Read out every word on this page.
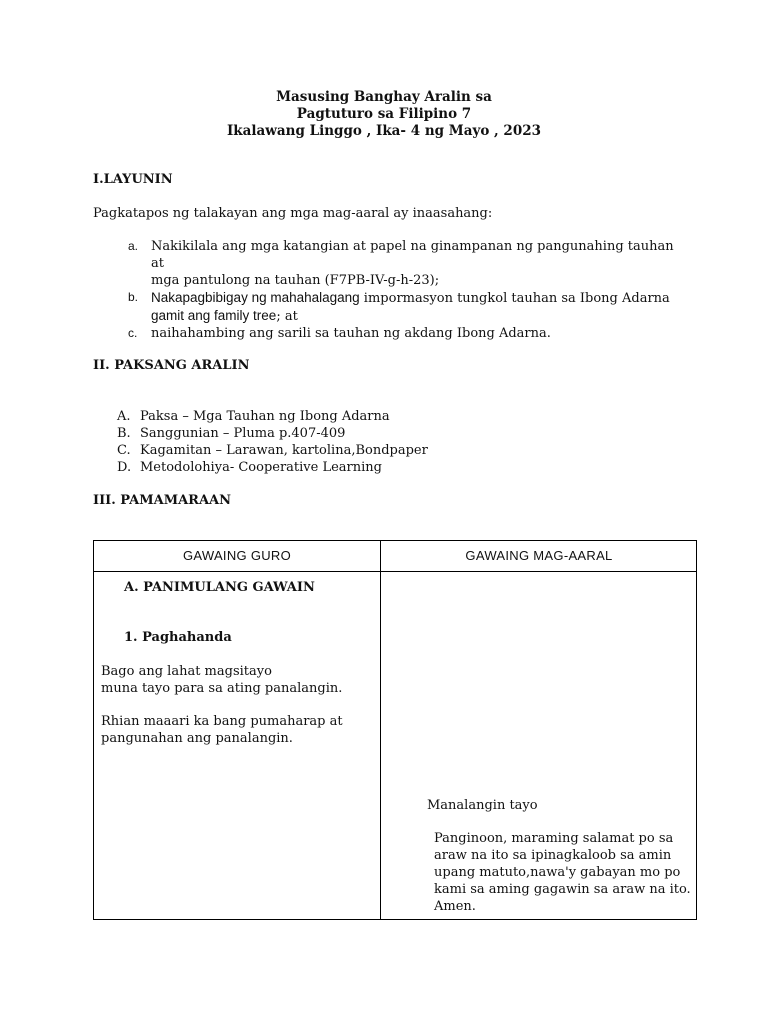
Masusing Banghay Aralin sa
Pagtuturo sa Filipino 7
Ikalawang Linggo , Ika- 4 ng Mayo , 2023
I.LAYUNIN
Pagkatapos ng talakayan ang mga mag-aaral ay inaasahang:
a. Nakikilala ang mga katangian at papel na ginampanan ng pangunahing tauhan at
mga pantulong na tauhan (F7PB-IV-g-h-23);
b. Nakapagbibigay ng mahahalagang impormasyon tungkol tauhan sa Ibong Adarna
gamit ang family tree; at
c. naihahambing ang sarili sa tauhan ng akdang Ibong Adarna.
II. PAKSANG ARALIN
A. Paksa – Mga Tauhan ng Ibong Adarna
B. Sanggunian – Pluma p.407-409
C. Kagamitan – Larawan, kartolina,Bondpaper
D. Metodolohiya- Cooperative Learning
III. PAMAMARAAN
GAWAING GURO	GAWAING MAG-AARAL
A. PANIMULANG GAWAIN
1. Paghahanda
Bago ang lahat magsitayo
muna tayo para sa ating panalangin.
Rhian maaari ka bang pumaharap at
pangunahan ang panalangin.
Manalangin tayo
Panginoon, maraming salamat po sa
araw na ito sa ipinagkaloob sa amin
upang matuto,nawa'y gabayan mo po
kami sa aming gagawin sa araw na ito.
Amen.
